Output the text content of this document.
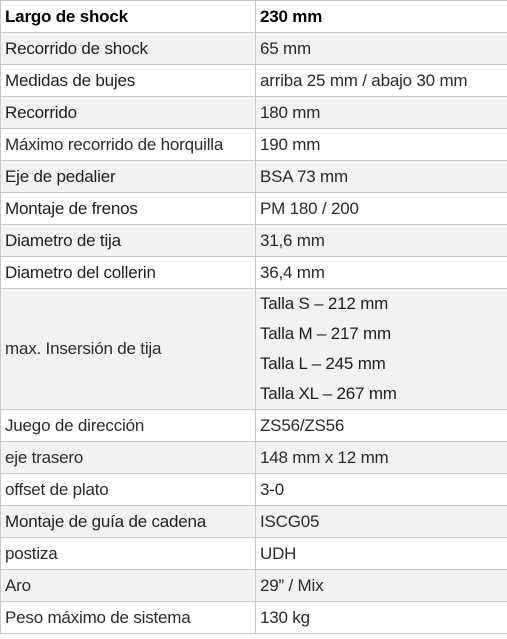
Largo de shock	230 mm
Recorrido de shock	65 mm
Medidas de bujes	arriba 25 mm / abajo 30 mm
Recorrido	180 mm
Máximo recorrido de horquilla	190 mm
Eje de pedalier	BSA 73 mm
Montaje de frenos	PM 180 / 200
Diametro de tija	31,6 mm
Diametro del collerin	36,4 mm
max. Insersión de tija	Talla S – 212 mm
Talla M – 217 mm
Talla L – 245 mm
Talla XL – 267 mm

Juego de dirección	ZS56/ZS56
eje trasero	148 mm x 12 mm
offset de plato	3-0
Montaje de guía de cadena	ISCG05
postiza	UDH
Aro	29” / Mix
Peso máximo de sistema	130 kg
